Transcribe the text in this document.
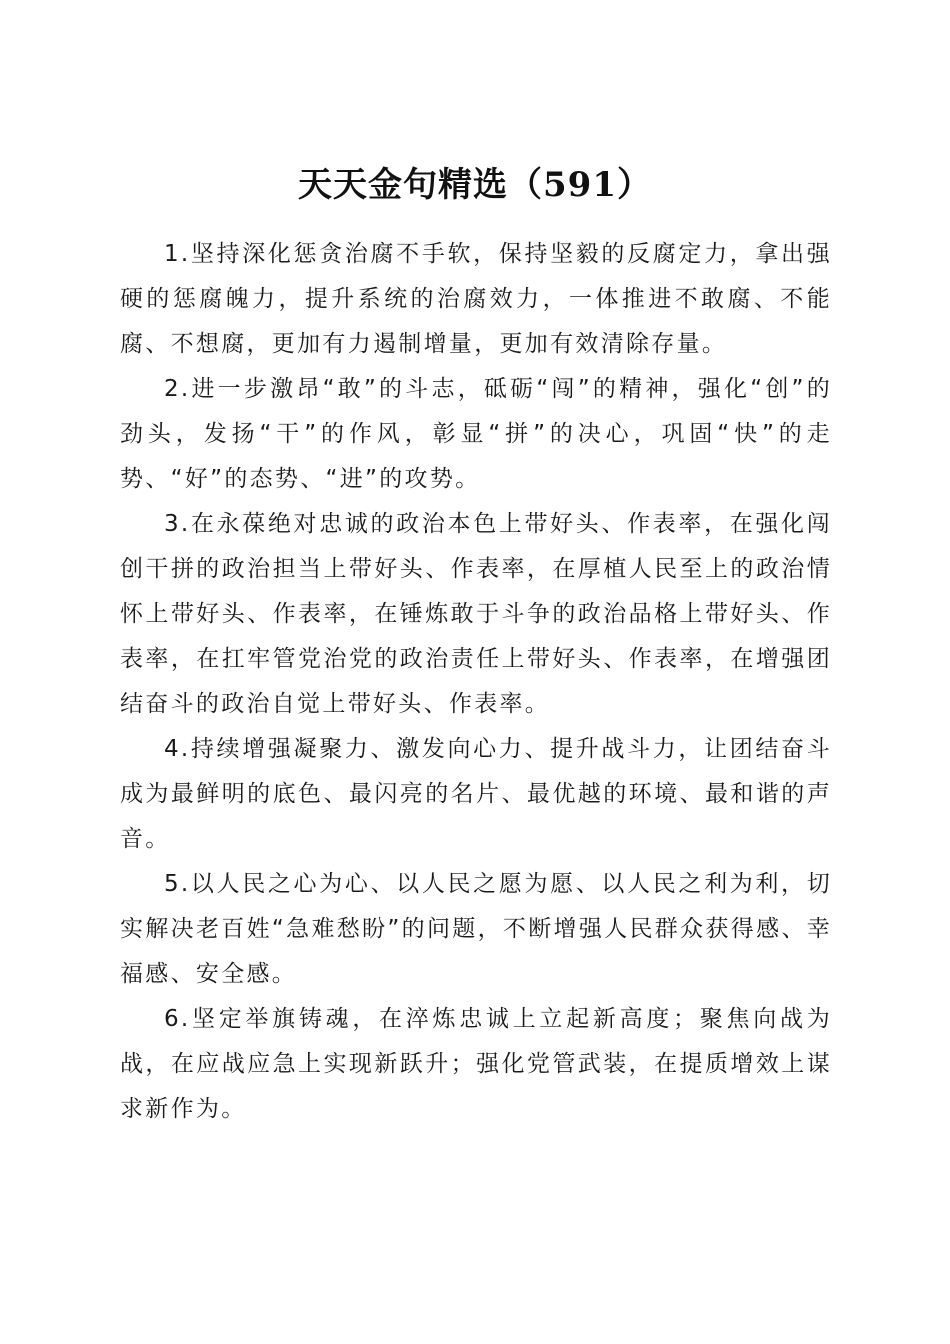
天天金句精选（591）

1.坚持深化惩贪治腐不手软，保持坚毅的反腐定力，拿出强硬的惩腐魄力，提升系统的治腐效力，一体推进不敢腐、不能腐、不想腐，更加有力遏制增量，更加有效清除存量。

2.进一步激昂“敢”的斗志，砥砺“闯”的精神，强化“创”的劲头，发扬“干”的作风，彰显“拼”的决心，巩固“快”的走势、“好”的态势、“进”的攻势。

3.在永葆绝对忠诚的政治本色上带好头、作表率，在强化闯创干拼的政治担当上带好头、作表率，在厚植人民至上的政治情怀上带好头、作表率，在锤炼敢于斗争的政治品格上带好头、作表率，在扛牢管党治党的政治责任上带好头、作表率，在增强团结奋斗的政治自觉上带好头、作表率。

4.持续增强凝聚力、激发向心力、提升战斗力，让团结奋斗成为最鲜明的底色、最闪亮的名片、最优越的环境、最和谐的声音。

5.以人民之心为心、以人民之愿为愿、以人民之利为利，切实解决老百姓“急难愁盼”的问题，不断增强人民群众获得感、幸福感、安全感。

6.坚定举旗铸魂，在淬炼忠诚上立起新高度；聚焦向战为战，在应战应急上实现新跃升；强化党管武装，在提质增效上谋求新作为。
